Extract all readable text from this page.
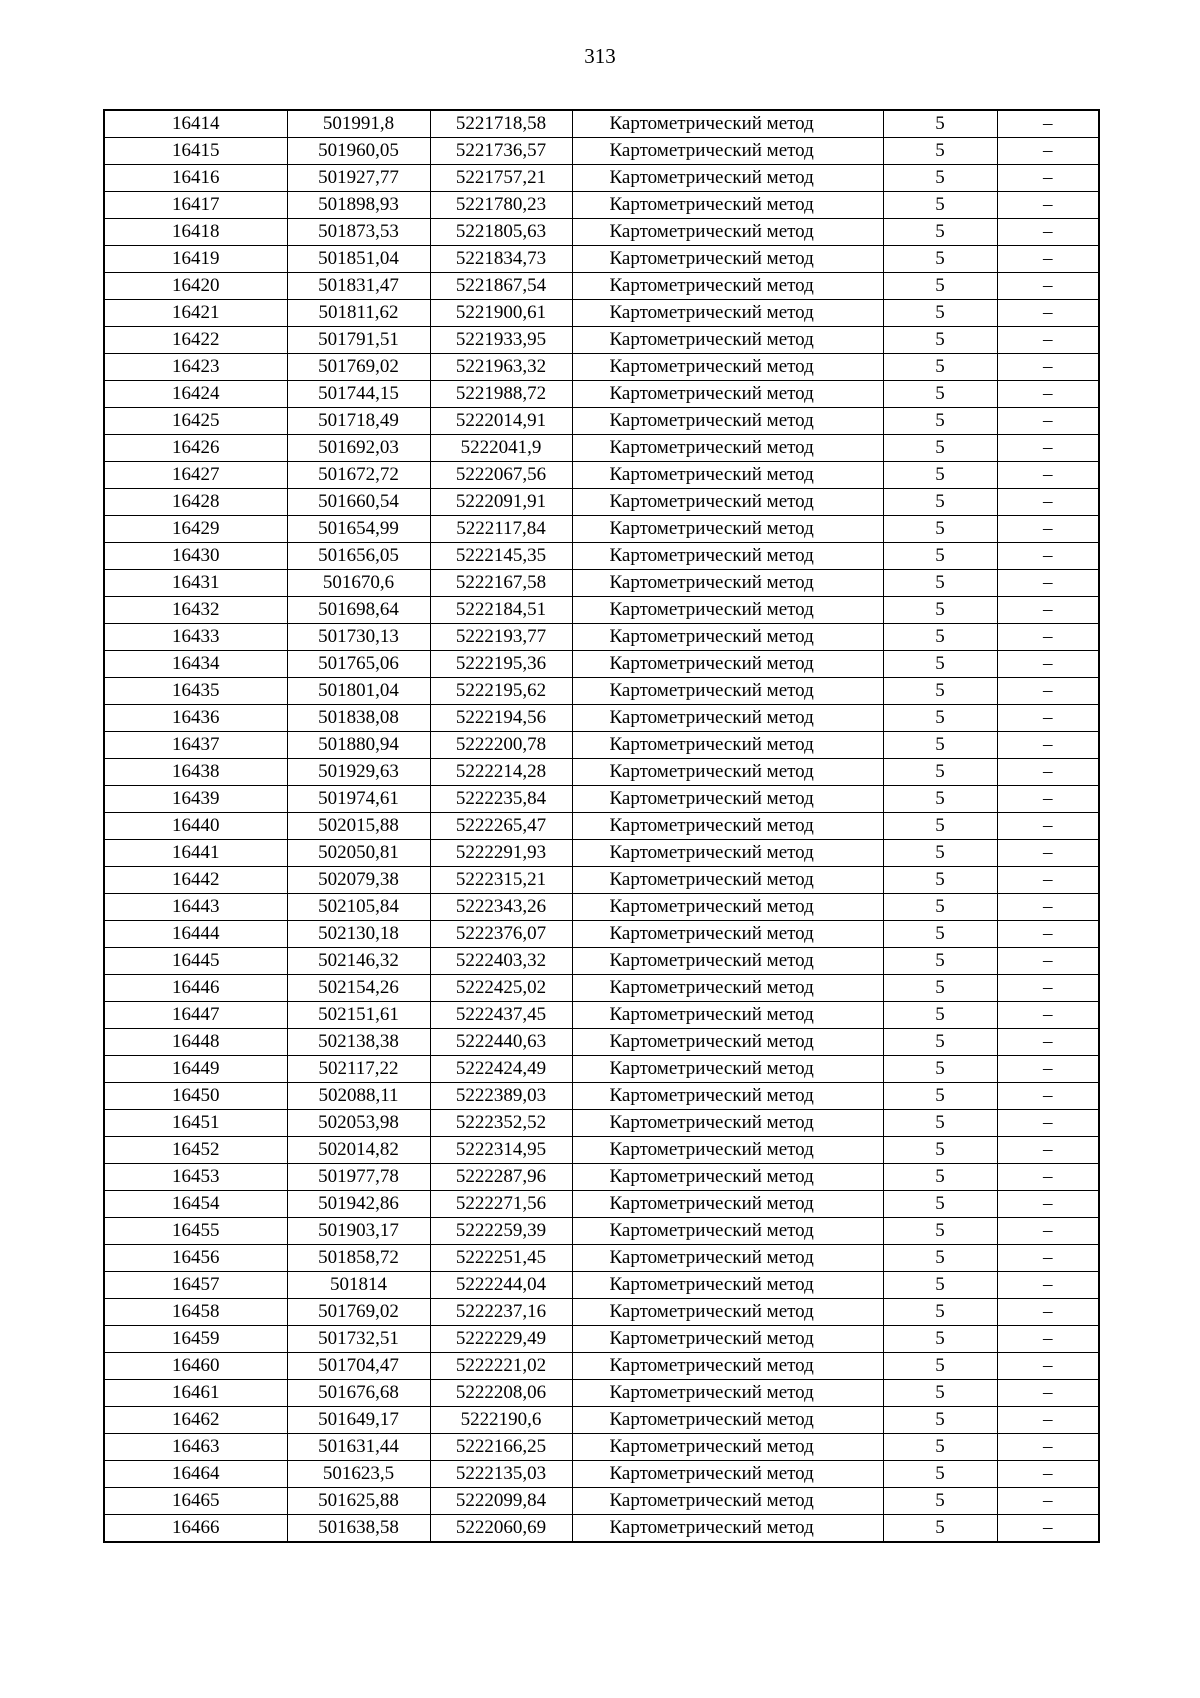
313
16414	501991,8	5221718,58	Картометрический метод	5	–
16415	501960,05	5221736,57	Картометрический метод	5	–
16416	501927,77	5221757,21	Картометрический метод	5	–
16417	501898,93	5221780,23	Картометрический метод	5	–
16418	501873,53	5221805,63	Картометрический метод	5	–
16419	501851,04	5221834,73	Картометрический метод	5	–
16420	501831,47	5221867,54	Картометрический метод	5	–
16421	501811,62	5221900,61	Картометрический метод	5	–
16422	501791,51	5221933,95	Картометрический метод	5	–
16423	501769,02	5221963,32	Картометрический метод	5	–
16424	501744,15	5221988,72	Картометрический метод	5	–
16425	501718,49	5222014,91	Картометрический метод	5	–
16426	501692,03	5222041,9	Картометрический метод	5	–
16427	501672,72	5222067,56	Картометрический метод	5	–
16428	501660,54	5222091,91	Картометрический метод	5	–
16429	501654,99	5222117,84	Картометрический метод	5	–
16430	501656,05	5222145,35	Картометрический метод	5	–
16431	501670,6	5222167,58	Картометрический метод	5	–
16432	501698,64	5222184,51	Картометрический метод	5	–
16433	501730,13	5222193,77	Картометрический метод	5	–
16434	501765,06	5222195,36	Картометрический метод	5	–
16435	501801,04	5222195,62	Картометрический метод	5	–
16436	501838,08	5222194,56	Картометрический метод	5	–
16437	501880,94	5222200,78	Картометрический метод	5	–
16438	501929,63	5222214,28	Картометрический метод	5	–
16439	501974,61	5222235,84	Картометрический метод	5	–
16440	502015,88	5222265,47	Картометрический метод	5	–
16441	502050,81	5222291,93	Картометрический метод	5	–
16442	502079,38	5222315,21	Картометрический метод	5	–
16443	502105,84	5222343,26	Картометрический метод	5	–
16444	502130,18	5222376,07	Картометрический метод	5	–
16445	502146,32	5222403,32	Картометрический метод	5	–
16446	502154,26	5222425,02	Картометрический метод	5	–
16447	502151,61	5222437,45	Картометрический метод	5	–
16448	502138,38	5222440,63	Картометрический метод	5	–
16449	502117,22	5222424,49	Картометрический метод	5	–
16450	502088,11	5222389,03	Картометрический метод	5	–
16451	502053,98	5222352,52	Картометрический метод	5	–
16452	502014,82	5222314,95	Картометрический метод	5	–
16453	501977,78	5222287,96	Картометрический метод	5	–
16454	501942,86	5222271,56	Картометрический метод	5	–
16455	501903,17	5222259,39	Картометрический метод	5	–
16456	501858,72	5222251,45	Картометрический метод	5	–
16457	501814	5222244,04	Картометрический метод	5	–
16458	501769,02	5222237,16	Картометрический метод	5	–
16459	501732,51	5222229,49	Картометрический метод	5	–
16460	501704,47	5222221,02	Картометрический метод	5	–
16461	501676,68	5222208,06	Картометрический метод	5	–
16462	501649,17	5222190,6	Картометрический метод	5	–
16463	501631,44	5222166,25	Картометрический метод	5	–
16464	501623,5	5222135,03	Картометрический метод	5	–
16465	501625,88	5222099,84	Картометрический метод	5	–
16466	501638,58	5222060,69	Картометрический метод	5	–
